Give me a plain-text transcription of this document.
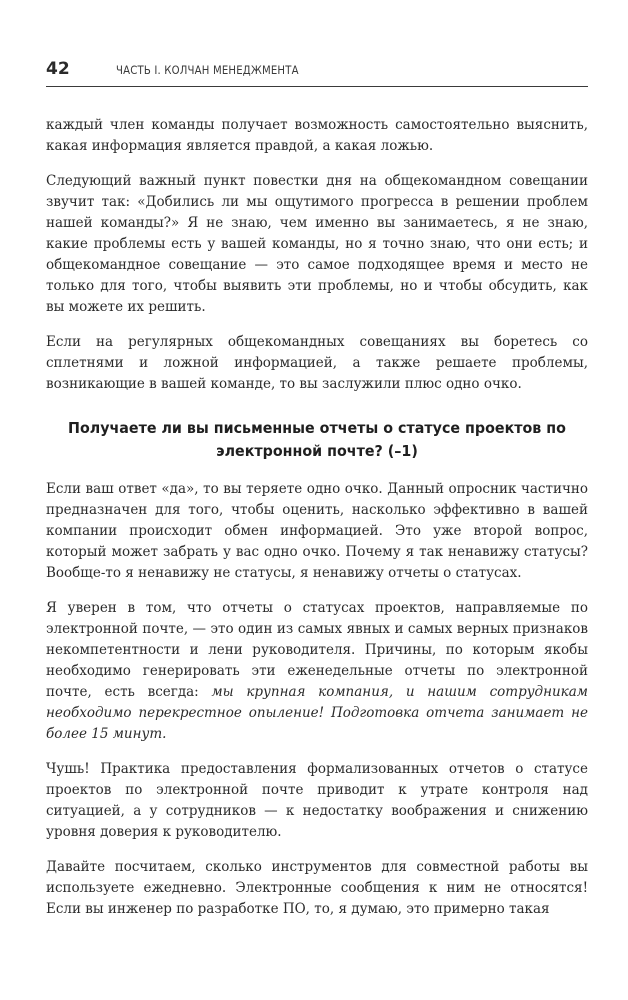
42	ЧАСТЬ I. КОЛЧАН МЕНЕДЖМЕНТА

каждый член команды получает возможность самостоятельно выяснить, какая информация является правдой, а какая ложью.

Следующий важный пункт повестки дня на общекомандном совещании звучит так: «Добились ли мы ощутимого прогресса в решении проблем нашей команды?» Я не знаю, чем именно вы занимаетесь, я не знаю, какие проблемы есть у вашей команды, но я точно знаю, что они есть; и общекомандное совещание — это самое подходящее время и место не только для того, чтобы выявить эти проблемы, но и чтобы обсудить, как вы можете их решить.

Если на регулярных общекомандных совещаниях вы боретесь со сплетнями и ложной информацией, а также решаете проблемы, возникающие в вашей команде, то вы заслужили плюс одно очко.

Получаете ли вы письменные отчеты о статусе проектов по электронной почте? (–1)

Если ваш ответ «да», то вы теряете одно очко. Данный опросник частично предназначен для того, чтобы оценить, насколько эффективно в вашей компании происходит обмен информацией. Это уже второй вопрос, который может забрать у вас одно очко. Почему я так ненавижу статусы? Вообще-то я ненавижу не статусы, я ненавижу отчеты о статусах.

Я уверен в том, что отчеты о статусах проектов, направляемые по электронной почте, — это один из самых явных и самых верных признаков некомпетентности и лени руководителя. Причины, по которым якобы необходимо генерировать эти еженедельные отчеты по электронной почте, есть всегда: мы крупная компания, и нашим сотрудникам необходимо перекрестное опыление! Подготовка отчета занимает не более 15 минут.

Чушь! Практика предоставления формализованных отчетов о статусе проектов по электронной почте приводит к утрате контроля над ситуацией, а у сотрудников — к недостатку воображения и снижению уровня доверия к руководителю.

Давайте посчитаем, сколько инструментов для совместной работы вы используете ежедневно. Электронные сообщения к ним не относятся! Если вы инженер по разработке ПО, то, я думаю, это примерно такая
